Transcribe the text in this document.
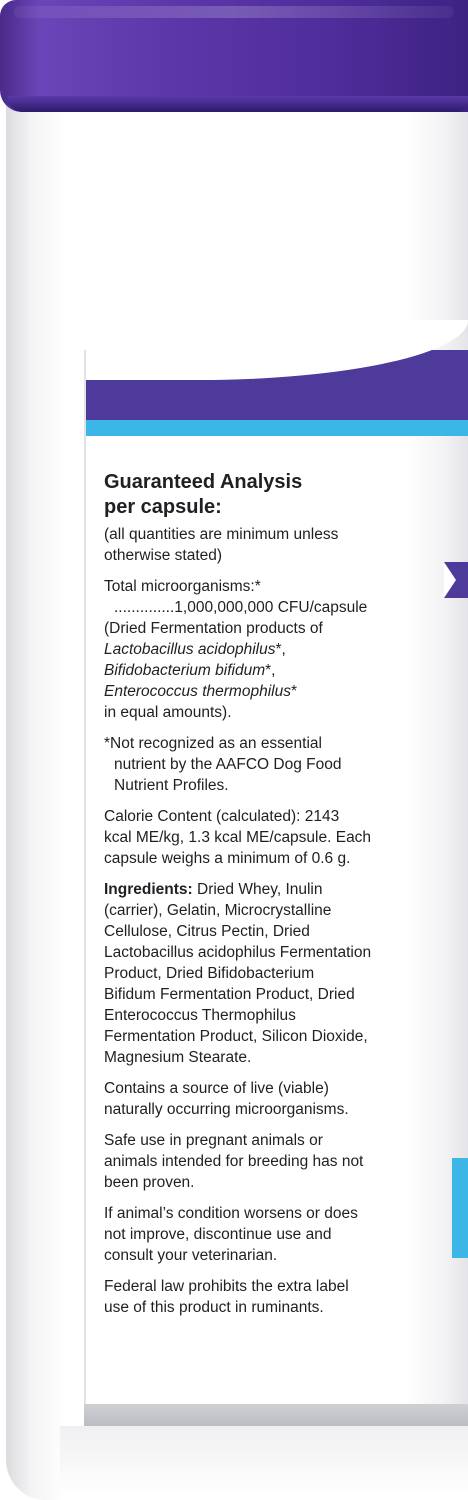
Guaranteed Analysis
per capsule:
(all quantities are minimum unless
otherwise stated)
Total microorganisms:*
..............1,000,000,000 CFU/capsule
(Dried Fermentation products of
Lactobacillus acidophilus*,
Bifidobacterium bifidum*,
Enterococcus thermophilus*
in equal amounts).
*Not recognized as an essential
nutrient by the AAFCO Dog Food
Nutrient Profiles.
Calorie Content (calculated): 2143
kcal ME/kg, 1.3 kcal ME/capsule. Each
capsule weighs a minimum of 0.6 g.
Ingredients: Dried Whey, Inulin
(carrier), Gelatin, Microcrystalline
Cellulose, Citrus Pectin, Dried
Lactobacillus acidophilus Fermentation
Product, Dried Bifidobacterium
Bifidum Fermentation Product, Dried
Enterococcus Thermophilus
Fermentation Product, Silicon Dioxide,
Magnesium Stearate.
Contains a source of live (viable)
naturally occurring microorganisms.
Safe use in pregnant animals or
animals intended for breeding has not
been proven.
If animal’s condition worsens or does
not improve, discontinue use and
consult your veterinarian.
Federal law prohibits the extra label
use of this product in ruminants.
